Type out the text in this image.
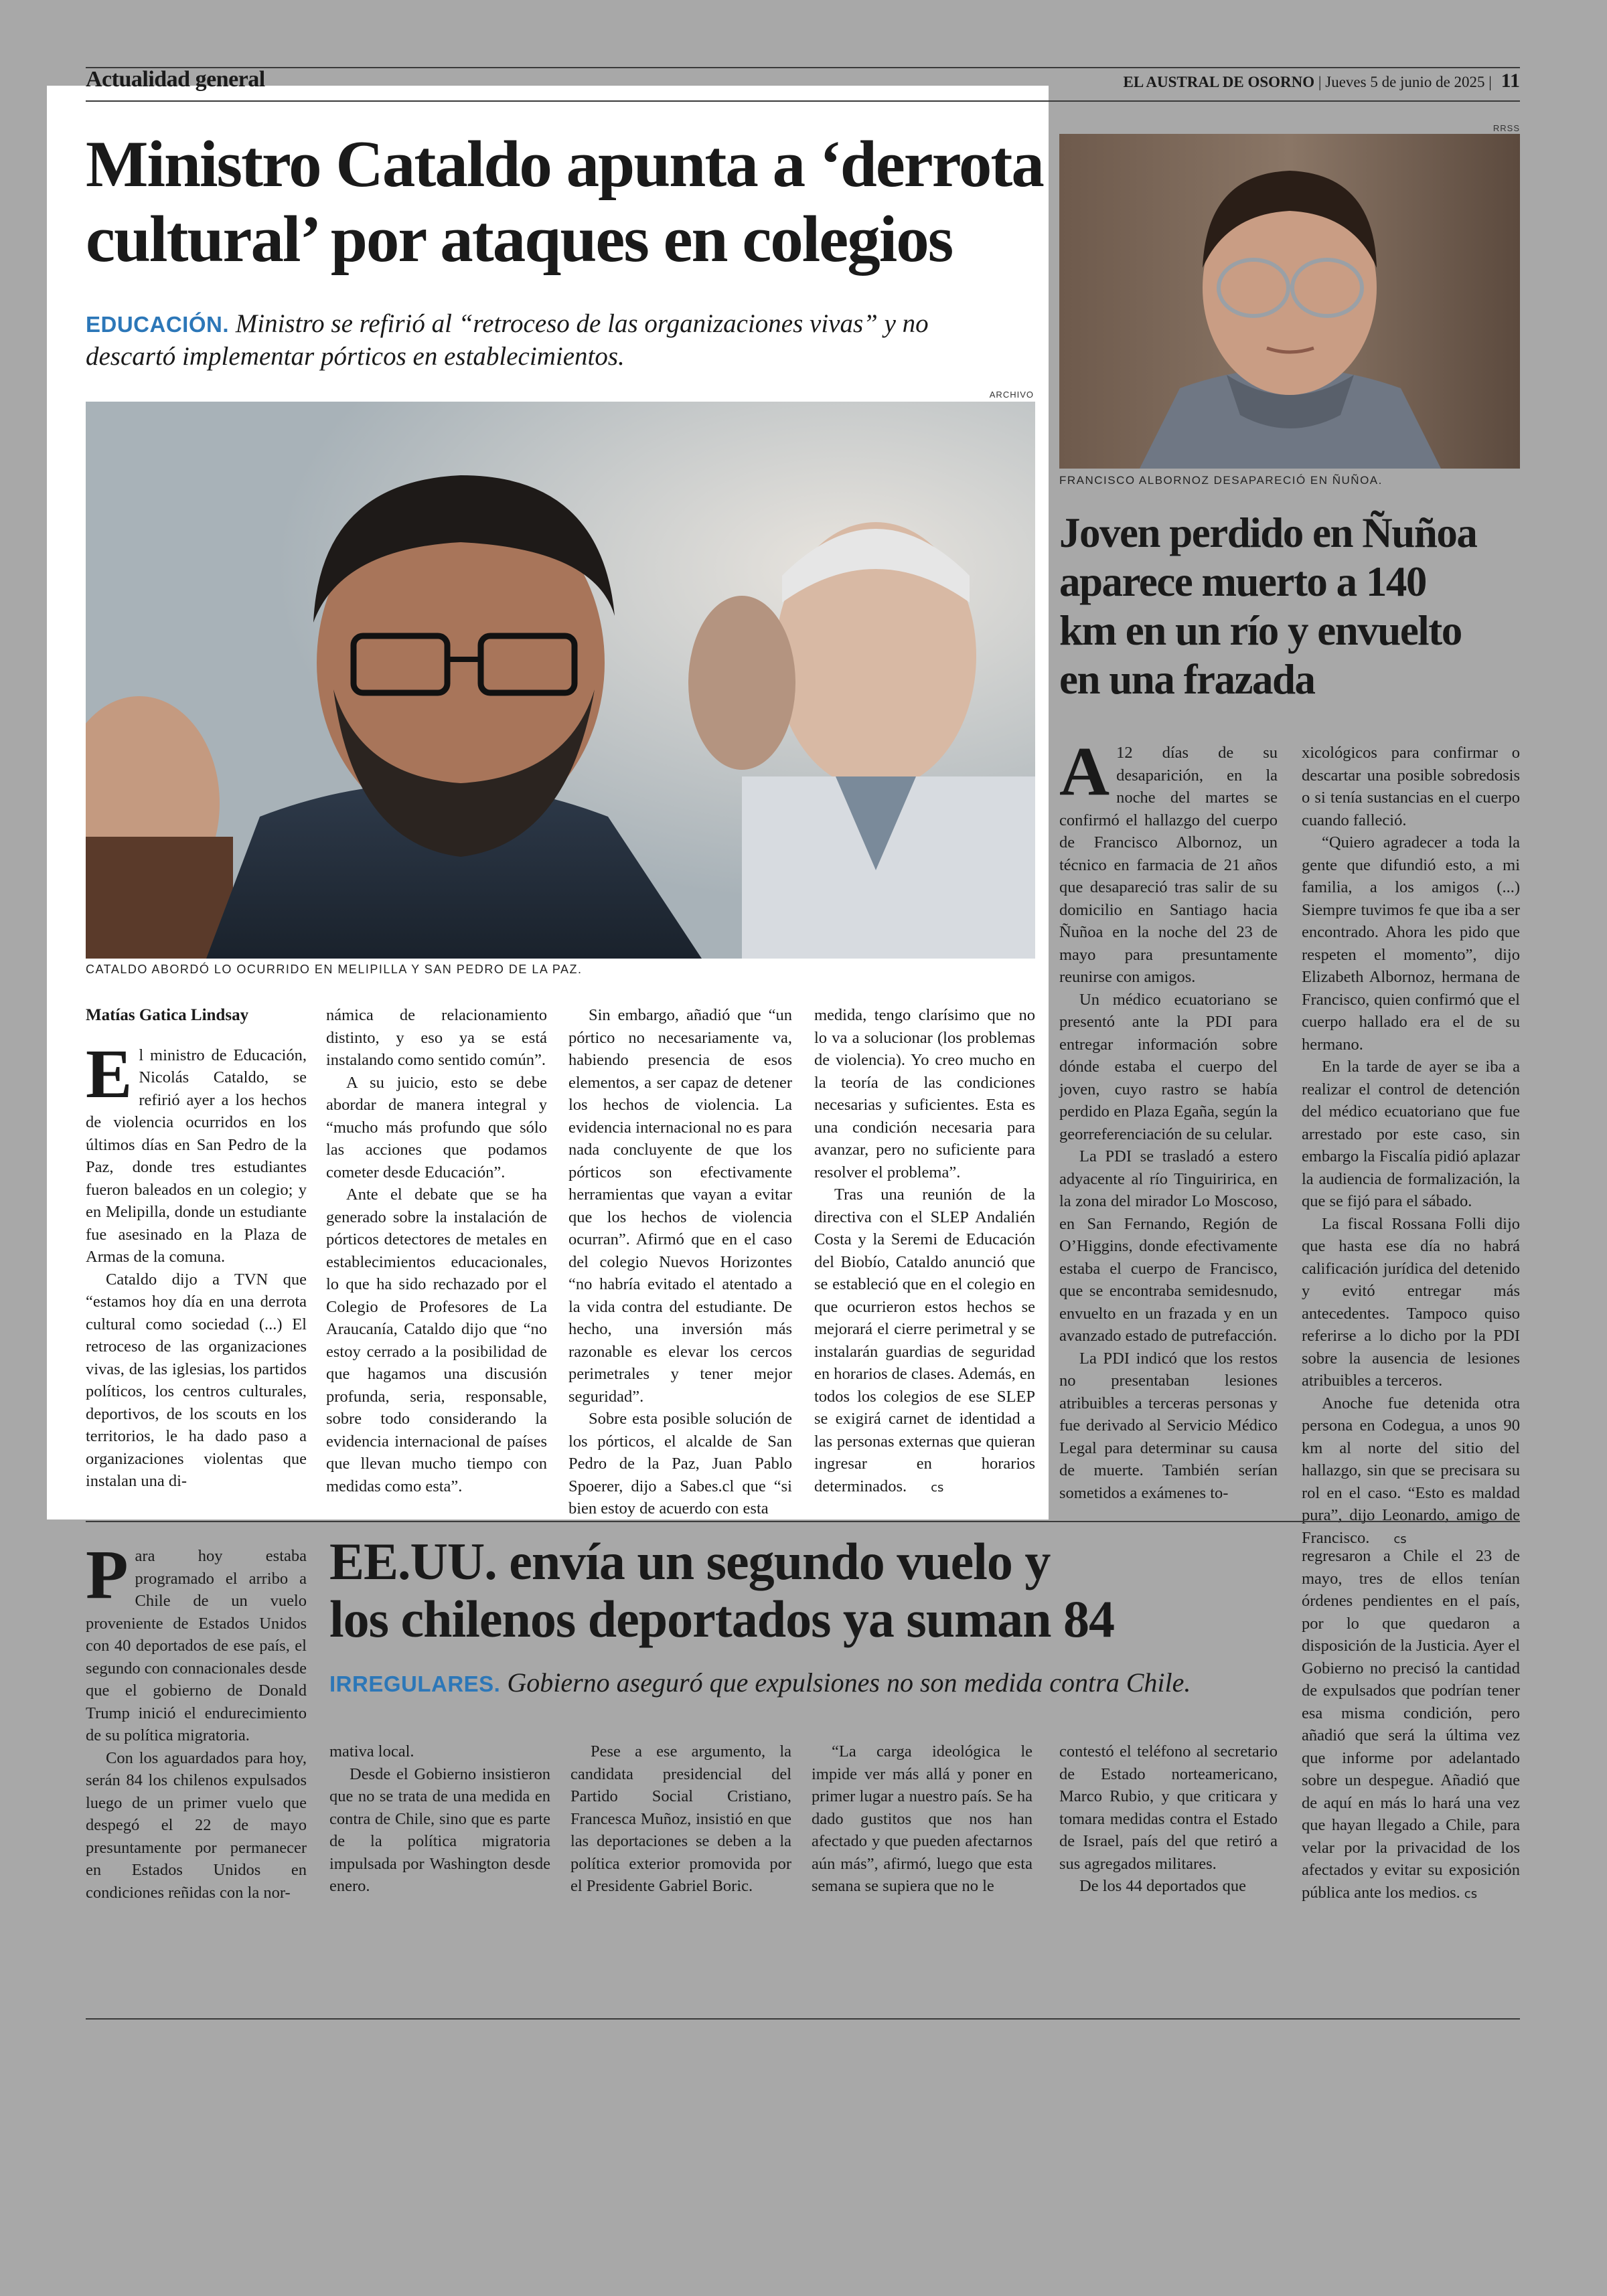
Actualidad general	EL AUSTRAL DE OSORNO | Jueves 5 de junio de 2025 | 11
Ministro Cataldo apunta a ‘derrota
cultural’ por ataques en colegios
EDUCACIÓN. Ministro se refirió al “retroceso de las organizaciones vivas” y no
descartó implementar pórticos en establecimientos.
ARCHIVO
CATALDO ABORDÓ LO OCURRIDO EN MELIPILLA Y SAN PEDRO DE LA PAZ.

Matías Gatica Lindsay

El ministro de Educación, Nicolás Cataldo, se refirió ayer a los hechos de violencia ocurridos en los últimos días en San Pedro de la Paz, donde tres estudiantes fueron baleados en un colegio; y en Melipilla, donde un estudiante fue asesinado en la Plaza de Armas de la comuna.

Cataldo dijo a TVN que “estamos hoy día en una derrota cultural como sociedad (...) El retroceso de las organizaciones vivas, de las iglesias, los partidos políticos, los centros culturales, deportivos, de los scouts en los territorios, le ha dado paso a organizaciones violentas que instalan una di-

námica de relacionamiento distinto, y eso ya se está instalando como sentido común”.

A su juicio, esto se debe abordar de manera integral y “mucho más profundo que sólo las acciones que podamos cometer desde Educación”.

Ante el debate que se ha generado sobre la instalación de pórticos detectores de metales en establecimientos educacionales, lo que ha sido rechazado por el Colegio de Profesores de La Araucanía, Cataldo dijo que “no estoy cerrado a la posibilidad de que hagamos una discusión profunda, seria, responsable, sobre todo considerando la evidencia internacional de países que llevan mucho tiempo con medidas como esta”.

Sin embargo, añadió que “un pórtico no necesariamente va, habiendo presencia de esos elementos, a ser capaz de detener los hechos de violencia. La evidencia internacional no es para nada concluyente de que los pórticos son efectivamente herramientas que vayan a evitar que los hechos de violencia ocurran”. Afirmó que en el caso del colegio Nuevos Horizontes “no habría evitado el atentado a la vida contra del estudiante. De hecho, una inversión más razonable es elevar los cercos perimetrales y tener mejor seguridad”.

Sobre esta posible solución de los pórticos, el alcalde de San Pedro de la Paz, Juan Pablo Spoerer, dijo a Sabes.cl que “si bien estoy de acuerdo con esta

medida, tengo clarísimo que no lo va a solucionar (los problemas de violencia). Yo creo mucho en la teoría de las condiciones necesarias y suficientes. Esta es una condición necesaria para avanzar, pero no suficiente para resolver el problema”.

Tras una reunión de la directiva con el SLEP Andalién Costa y la Seremi de Educación del Biobío, Cataldo anunció que se estableció que en el colegio en que ocurrieron estos hechos se mejorará el cierre perimetral y se instalarán guardias de seguridad en horarios de clases. Además, en todos los colegios de ese SLEP se exigirá carnet de identidad a las personas externas que quieran ingresar en horarios determinados. cs

RRSS
FRANCISCO ALBORNOZ DESAPARECIÓ EN ÑUÑOA.
Joven perdido en Ñuñoa
aparece muerto a 140
km en un río y envuelto
en una frazada

A 12 días de su desaparición, en la noche del martes se confirmó el hallazgo del cuerpo de Francisco Albornoz, un técnico en farmacia de 21 años que desapareció tras salir de su domicilio en Santiago hacia Ñuñoa en la noche del 23 de mayo para presuntamente reunirse con amigos.

Un médico ecuatoriano se presentó ante la PDI para entregar información sobre dónde estaba el cuerpo del joven, cuyo rastro se había perdido en Plaza Egaña, según la georreferenciación de su celular.

La PDI se trasladó a estero adyacente al río Tinguiririca, en la zona del mirador Lo Moscoso, en San Fernando, Región de O’Higgins, donde efectivamente estaba el cuerpo de Francisco, que se encontraba semidesnudo, envuelto en un frazada y en un avanzado estado de putrefacción.

La PDI indicó que los restos no presentaban lesiones atribuibles a terceras personas y fue derivado al Servicio Médico Legal para determinar su causa de muerte. También serían sometidos a exámenes to-

xicológicos para confirmar o descartar una posible sobredosis o si tenía sustancias en el cuerpo cuando falleció.

“Quiero agradecer a toda la gente que difundió esto, a mi familia, a los amigos (...) Siempre tuvimos fe que iba a ser encontrado. Ahora les pido que respeten el momento”, dijo Elizabeth Albornoz, hermana de Francisco, quien confirmó que el cuerpo hallado era el de su hermano.

En la tarde de ayer se iba a realizar el control de detención del médico ecuatoriano que fue arrestado por este caso, sin embargo la Fiscalía pidió aplazar la audiencia de formalización, la que se fijó para el sábado.

La fiscal Rossana Folli dijo que hasta ese día no habrá calificación jurídica del detenido y evitó entregar más antecedentes. Tampoco quiso referirse a lo dicho por la PDI sobre la ausencia de lesiones atribuibles a terceros.

Anoche fue detenida otra persona en Codegua, a unos 90 km al norte del sitio del hallazgo, sin que se precisara su rol en el caso. “Esto es maldad pura”, dijo Leonardo, amigo de Francisco. cs

Para hoy estaba programado el arribo a Chile de un vuelo proveniente de Estados Unidos con 40 deportados de ese país, el segundo con connacionales desde que el gobierno de Donald Trump inició el endurecimiento de su política migratoria.

Con los aguardados para hoy, serán 84 los chilenos expulsados luego de un primer vuelo que despegó el 22 de mayo presuntamente por permanecer en Estados Unidos en condiciones reñidas con la nor-

EE.UU. envía un segundo vuelo y
los chilenos deportados ya suman 84
IRREGULARES. Gobierno aseguró que expulsiones no son medida contra Chile.

mativa local.

Desde el Gobierno insistieron que no se trata de una medida en contra de Chile, sino que es parte de la política migratoria impulsada por Washington desde enero.

Pese a ese argumento, la candidata presidencial del Partido Social Cristiano, Francesca Muñoz, insistió en que las deportaciones se deben a la política exterior promovida por el Presidente Gabriel Boric.

“La carga ideológica le impide ver más allá y poner en primer lugar a nuestro país. Se ha dado gustitos que nos han afectado y que pueden afectarnos aún más”, afirmó, luego que esta semana se supiera que no le

contestó el teléfono al secretario de Estado norteamericano, Marco Rubio, y que criticara y tomara medidas contra el Estado de Israel, país del que retiró a sus agregados militares.

De los 44 deportados que

regresaron a Chile el 23 de mayo, tres de ellos tenían órdenes pendientes en el país, por lo que quedaron a disposición de la Justicia. Ayer el Gobierno no precisó la cantidad de expulsados que podrían tener esa misma condición, pero añadió que será la última vez que informe por adelantado sobre un despegue. Añadió que de aquí en más lo hará una vez que hayan llegado a Chile, para velar por la privacidad de los afectados y evitar su exposición pública ante los medios. cs
